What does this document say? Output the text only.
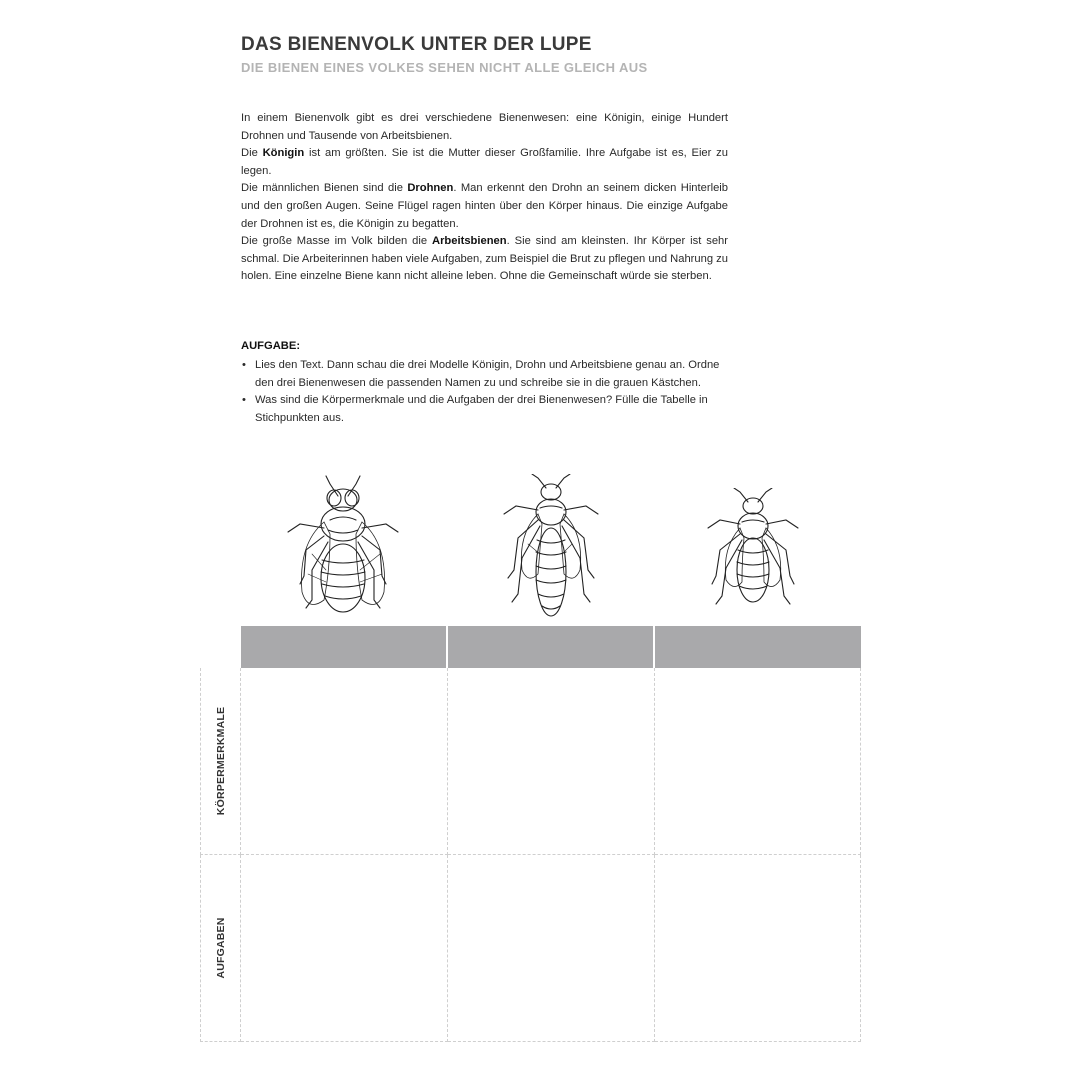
DAS BIENENVOLK UNTER DER LUPE
DIE BIENEN EINES VOLKES SEHEN NICHT ALLE GLEICH AUS

In einem Bienenvolk gibt es drei verschiedene Bienenwesen: eine Königin, einige Hundert Drohnen und Tausende von Arbeitsbienen.

Die Königin ist am größten. Sie ist die Mutter dieser Großfamilie. Ihre Aufgabe ist es, Eier zu legen.

Die männlichen Bienen sind die Drohnen. Man erkennt den Drohn an seinem dicken Hinterleib und den großen Augen. Seine Flügel ragen hinten über den Körper hinaus. Die einzige Aufgabe der Drohnen ist es, die Königin zu begatten.

Die große Masse im Volk bilden die Arbeitsbienen. Sie sind am kleinsten. Ihr Körper ist sehr schmal. Die Arbeiterinnen haben viele Aufgaben, zum Beispiel die Brut zu pflegen und Nahrung zu holen. Eine einzelne Biene kann nicht alleine leben. Ohne die Gemeinschaft würde sie sterben.

AUFGABE:
• Lies den Text. Dann schau die drei Modelle Königin, Drohn und Arbeitsbiene genau an. Ordne den drei Bienenwesen die passenden Namen zu und schreibe sie in die grauen Kästchen.
• Was sind die Körpermerkmale und die Aufgaben der drei Bienenwesen? Fülle die Tabelle in Stichpunkten aus.
KÖRPERMERKMALE
AUFGABEN
